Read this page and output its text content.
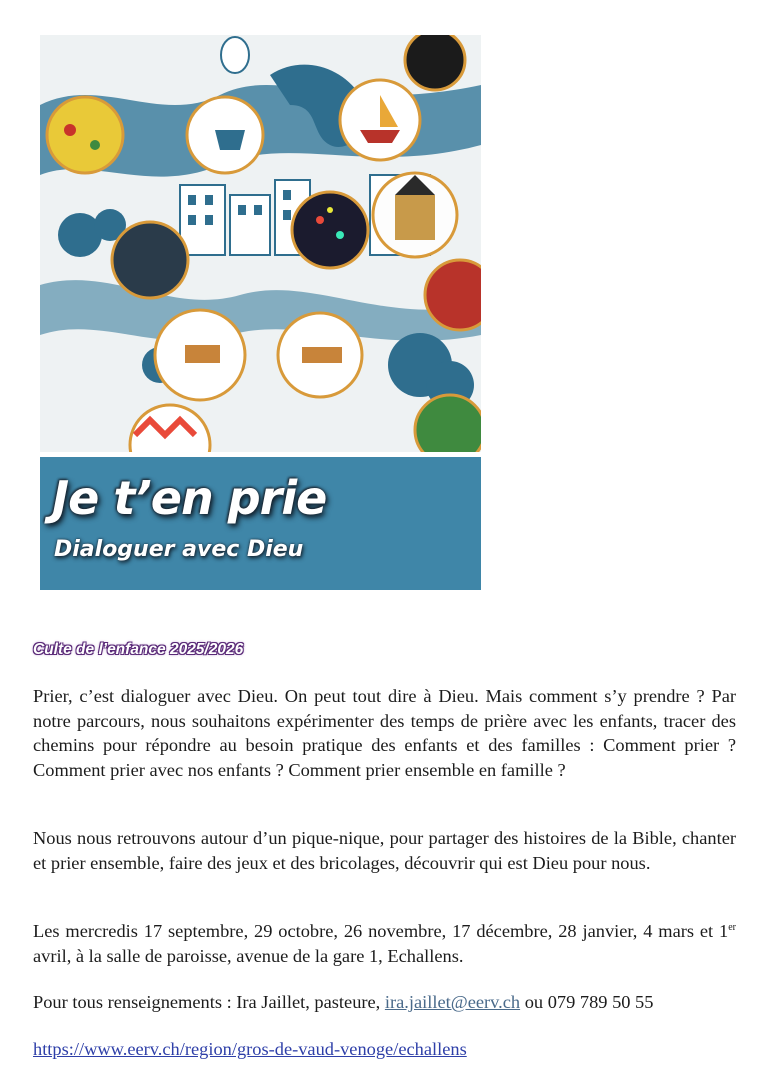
Je t’en prie
Dialoguer avec Dieu
Culte de l’enfance 2025/2026

Prier, c’est dialoguer avec Dieu. On peut tout dire à Dieu. Mais comment s’y prendre ? Par notre parcours, nous souhaitons expérimenter des temps de prière avec les enfants, tracer des chemins pour répondre au besoin pratique des enfants et des familles : Comment prier ? Comment prier avec nos enfants ? Comment prier ensemble en famille ?

Nous nous retrouvons autour d’un pique-nique, pour partager des histoires de la Bible, chanter et prier ensemble, faire des jeux et des bricolages, découvrir qui est Dieu pour nous.

Les mercredis 17 septembre, 29 octobre, 26 novembre, 17 décembre, 28 janvier, 4 mars et 1er avril, à la salle de paroisse, avenue de la gare 1, Echallens.

Pour tous renseignements : Ira Jaillet, pasteure, ira.jaillet@eerv.ch ou 079 789 50 55

https://www.eerv.ch/region/gros-de-vaud-venoge/echallens
